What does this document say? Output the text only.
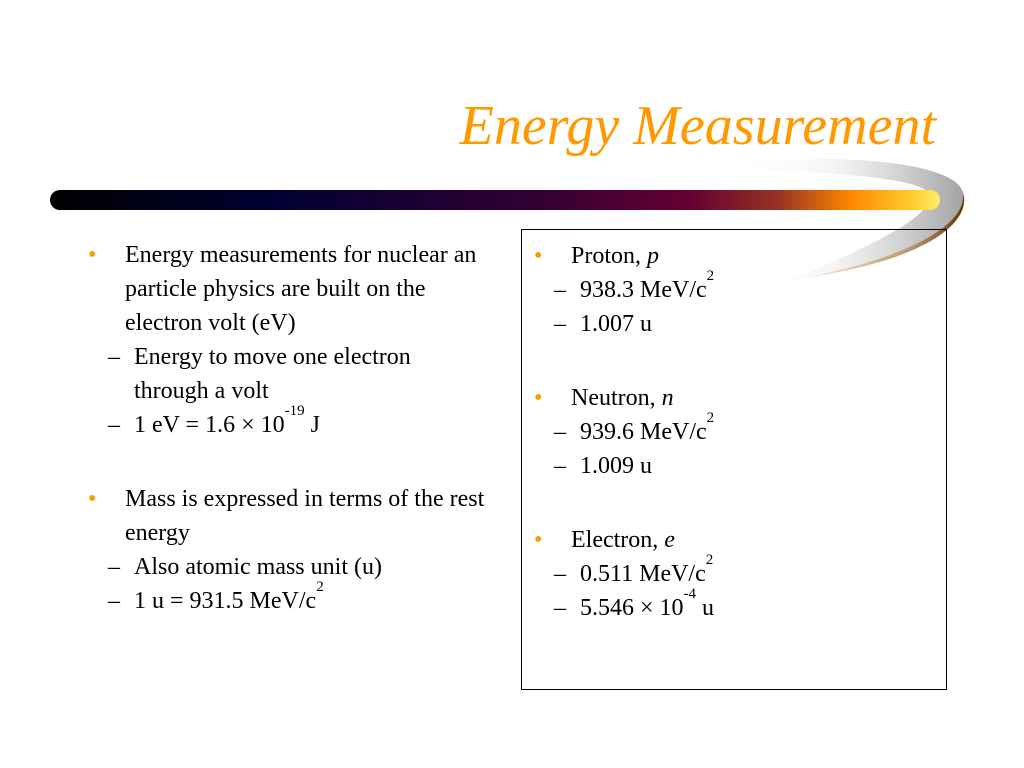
Energy Measurement
• Energy measurements for nuclear an particle physics are built on the electron volt (eV)
– Energy to move one electron through a volt
– 1 eV = $1.6 \times 10^{-19}$ J
• Mass is expressed in terms of the rest energy
– Also atomic mass unit (u)
– 1 u = 931.5 MeV/$c^2$
• Proton, p
– 938.3 MeV/$c^2$
– 1.007 u
• Neutron, n
– 939.6 MeV/$c^2$
– 1.009 u
• Electron, e
– 0.511 MeV/$c^2$
– $5.546 \times 10^{-4}$ u
